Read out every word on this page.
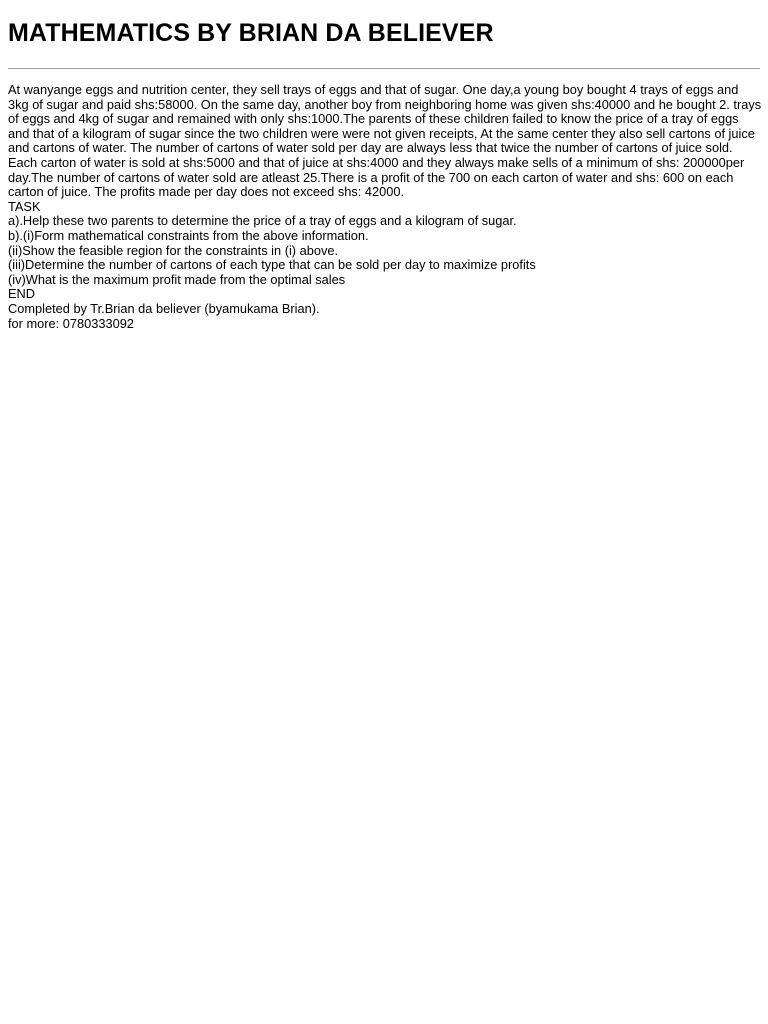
MATHEMATICS BY BRIAN DA BELIEVER

At wanyange eggs and nutrition center, they sell trays of eggs and that of sugar. One day,a young boy bought 4 trays of eggs and 3kg of sugar and paid shs:58000. On the same day, another boy from neighboring home was given shs:40000 and he bought 2. trays of eggs and 4kg of sugar and remained with only shs:1000.The parents of these children failed to know the price of a tray of eggs and that of a kilogram of sugar since the two children were were not given receipts, At the same center they also sell cartons of juice and cartons of water. The number of cartons of water sold per day are always less that twice the number of cartons of juice sold. Each carton of water is sold at shs:5000 and that of juice at shs:4000 and they always make sells of a minimum of shs: 200000per day.The number of cartons of water sold are atleast 25.There is a profit of the 700 on each carton of water and shs: 600 on each carton of juice. The profits made per day does not exceed shs: 42000.

TASK

a).Help these two parents to determine the price of a tray of eggs and a kilogram of sugar.

b).(i)Form mathematical constraints from the above information.

(ii)Show the feasible region for the constraints in (i) above.

(iii)Determine the number of cartons of each type that can be sold per day to maximize profits

(iv)What is the maximum profit made from the optimal sales

END

Completed by Tr.Brian da believer (byamukama Brian).

for more: 0780333092
